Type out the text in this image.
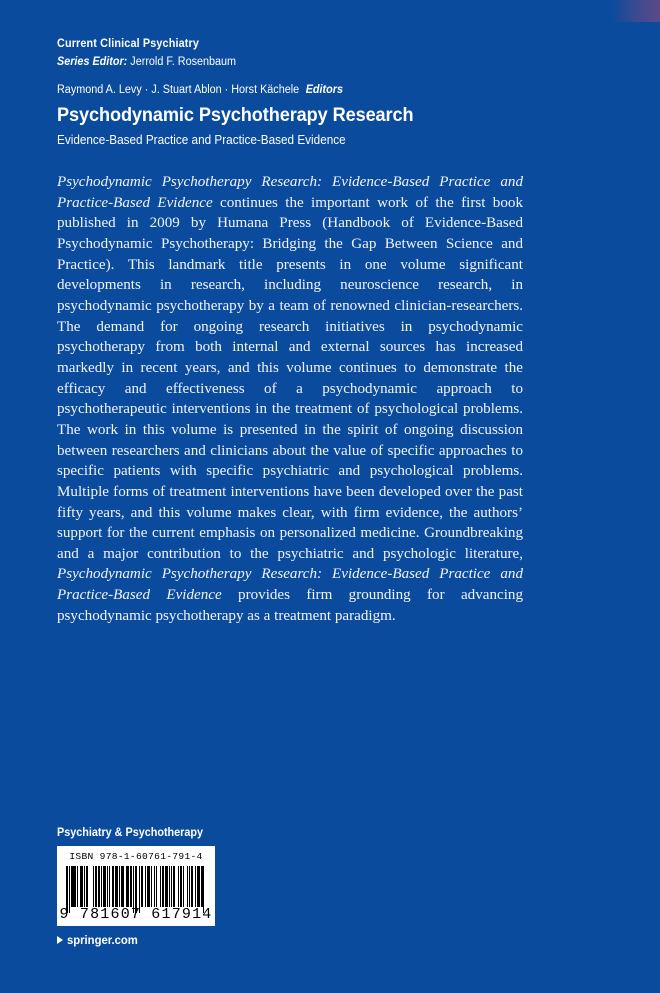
Current Clinical Psychiatry
Series Editor: Jerrold F. Rosenbaum
Raymond A. Levy · J. Stuart Ablon · Horst Kächele Editors
Psychodynamic Psychotherapy Research
Evidence-Based Practice and Practice-Based Evidence
Psychodynamic Psychotherapy Research: Evidence-Based Practice and Practice-Based Evidence continues the important work of the first book published in 2009 by Humana Press (Handbook of Evidence-Based Psychodynamic Psychotherapy: Bridging the Gap Between Science and Practice). This landmark title presents in one volume significant developments in research, including neuroscience research, in psychodynamic psychotherapy by a team of renowned clinician-researchers. The demand for ongoing research initiatives in psychodynamic psychotherapy from both internal and external sources has increased markedly in recent years, and this volume continues to demonstrate the efficacy and effectiveness of a psychodynamic approach to psychotherapeutic interventions in the treatment of psychological problems. The work in this volume is presented in the spirit of ongoing discussion between researchers and clinicians about the value of specific approaches to specific patients with specific psychiatric and psychological problems. Multiple forms of treatment interventions have been developed over the past fifty years, and this volume makes clear, with firm evidence, the authors’ support for the current emphasis on personalized medicine. Groundbreaking and a major contribution to the psychiatric and psychologic literature, Psychodynamic Psychotherapy Research: Evidence-Based Practice and Practice-Based Evidence provides firm grounding for advancing psychodynamic psychotherapy as a treatment paradigm.
Psychiatry & Psychotherapy
ISBN 978-1-60761-791-4
9 781607 617914
springer.com
